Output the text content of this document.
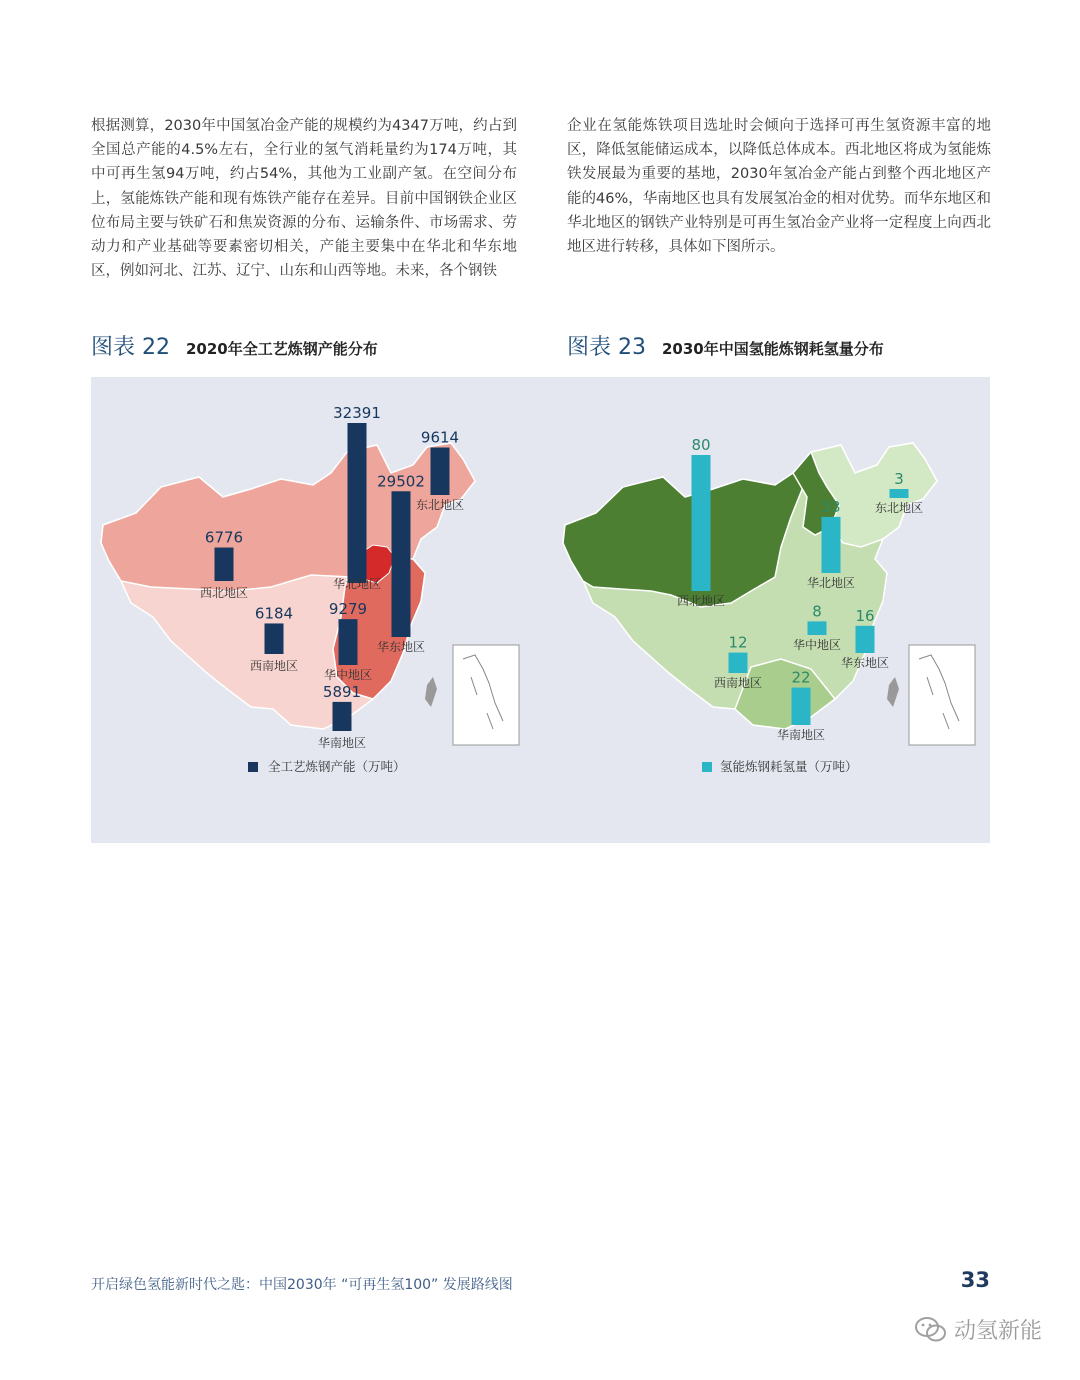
根据测算，2030年中国氢冶金产能的规模约为4347万吨，约占到全国总产能的4.5%左右，全行业的氢气消耗量约为174万吨，其中可再生氢94万吨，约占54%，其他为工业副产氢。在空间分布上，氢能炼铁产能和现有炼铁产能存在差异。目前中国钢铁企业区位布局主要与铁矿石和焦炭资源的分布、运输条件、市场需求、劳动力和产业基础等要素密切相关，产能主要集中在华北和华东地区，例如河北、江苏、辽宁、山东和山西等地。未来，各个钢铁

企业在氢能炼铁项目选址时会倾向于选择可再生氢资源丰富的地区，降低氢能储运成本，以降低总体成本。西北地区将成为氢能炼铁发展最为重要的基地，2030年氢冶金产能占到整个西北地区产能的46%，华南地区也具有发展氢冶金的相对优势。而华东地区和华北地区的钢铁产业特别是可再生氢冶金产业将一定程度上向西北地区进行转移，具体如下图所示。

图表 22 2020年全工艺炼钢产能分布	图表 23 2030年中国氢能炼钢耗氢量分布
32391
华北地区
9614
东北地区
29502
华东地区
6776
西北地区
9279
华中地区
6184
西南地区
5891
华南地区
80
西北地区
33
华北地区
3
东北地区
8
华中地区
16
华东地区
12
西南地区 22
华南地区
全工艺炼钢产能（万吨）	氢能炼钢耗氢量（万吨）
开启绿色氢能新时代之匙：中国2030年 “可再生氢100” 发展路线图	33
动氢新能
